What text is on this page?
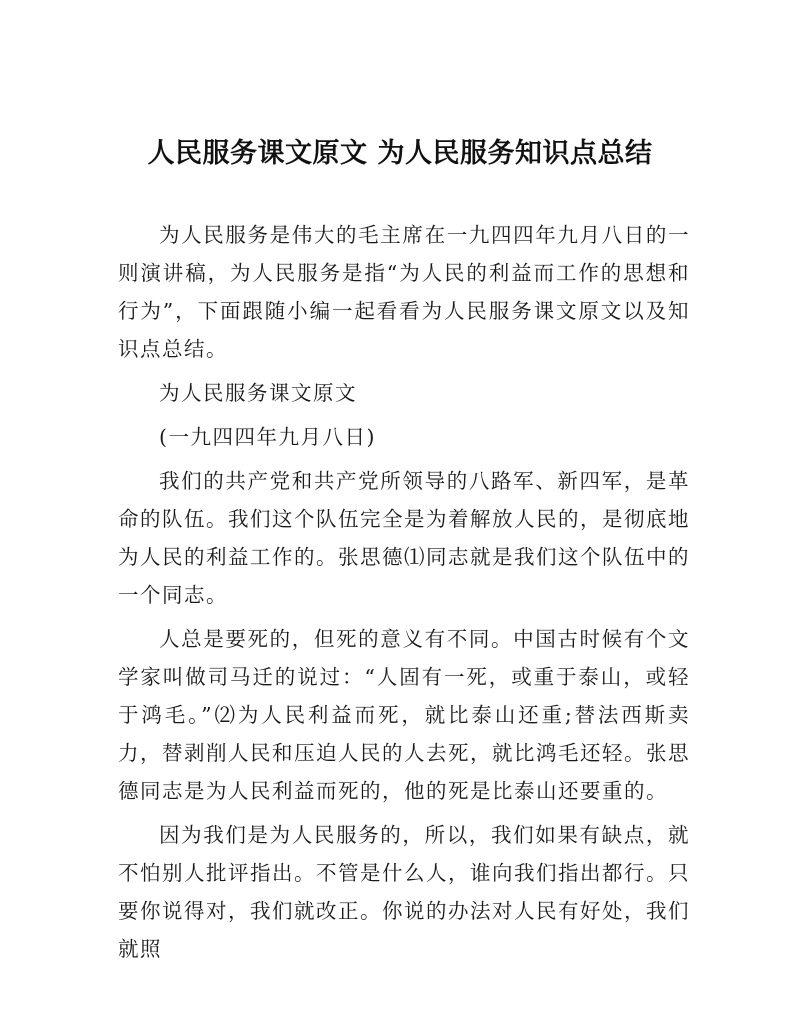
人民服务课文原文 为人民服务知识点总结

为人民服务是伟大的毛主席在一九四四年九月八日的一则演讲稿，为人民服务是指“为人民的利益而工作的思想和行为”，下面跟随小编一起看看为人民服务课文原文以及知识点总结。

为人民服务课文原文

(一九四四年九月八日)

我们的共产党和共产党所领导的八路军、新四军，是革命的队伍。我们这个队伍完全是为着解放人民的，是彻底地为人民的利益工作的。张思德⑴同志就是我们这个队伍中的一个同志。

人总是要死的，但死的意义有不同。中国古时候有个文学家叫做司马迁的说过：“人固有一死，或重于泰山，或轻于鸿毛。”⑵为人民利益而死，就比泰山还重;替法西斯卖力，替剥削人民和压迫人民的人去死，就比鸿毛还轻。张思德同志是为人民利益而死的，他的死是比泰山还要重的。

因为我们是为人民服务的，所以，我们如果有缺点，就不怕别人批评指出。不管是什么人，谁向我们指出都行。只要你说得对，我们就改正。你说的办法对人民有好处，我们就照
